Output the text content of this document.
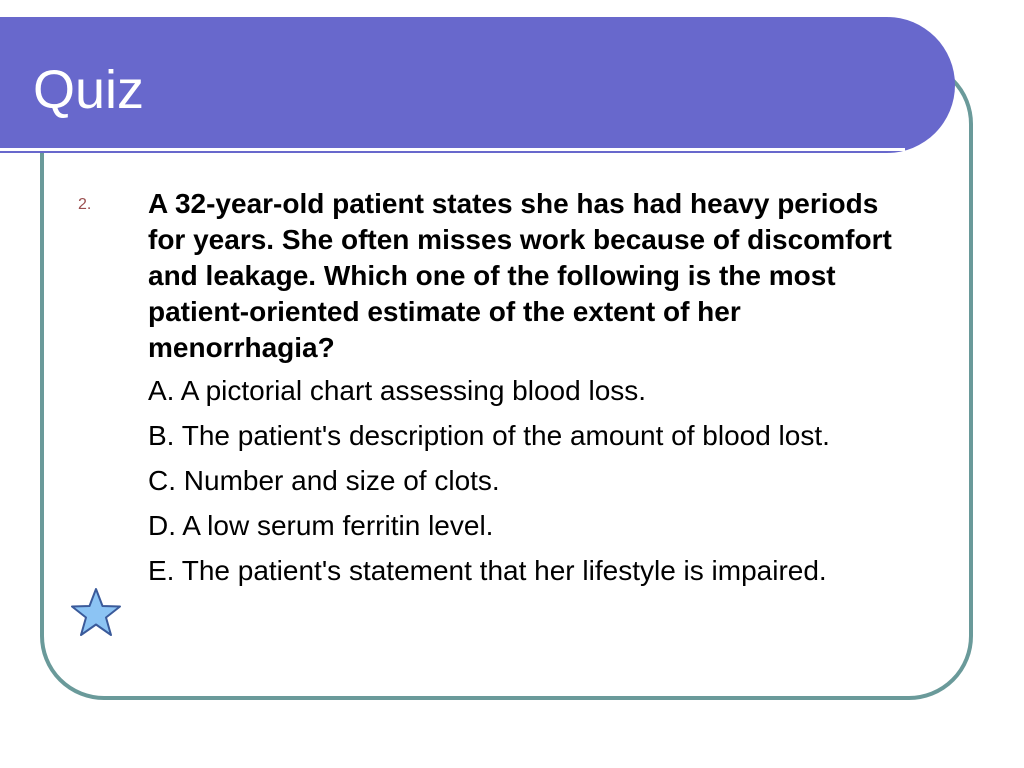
Quiz
2. A 32-year-old patient states she has had heavy periods for years. She often misses work because of discomfort and leakage. Which one of the following is the most patient-oriented estimate of the extent of her menorrhagia?

A. A pictorial chart assessing blood loss.
B. The patient's description of the amount of blood lost.
C. Number and size of clots.
D. A low serum ferritin level.
E. The patient's statement that her lifestyle is impaired.
